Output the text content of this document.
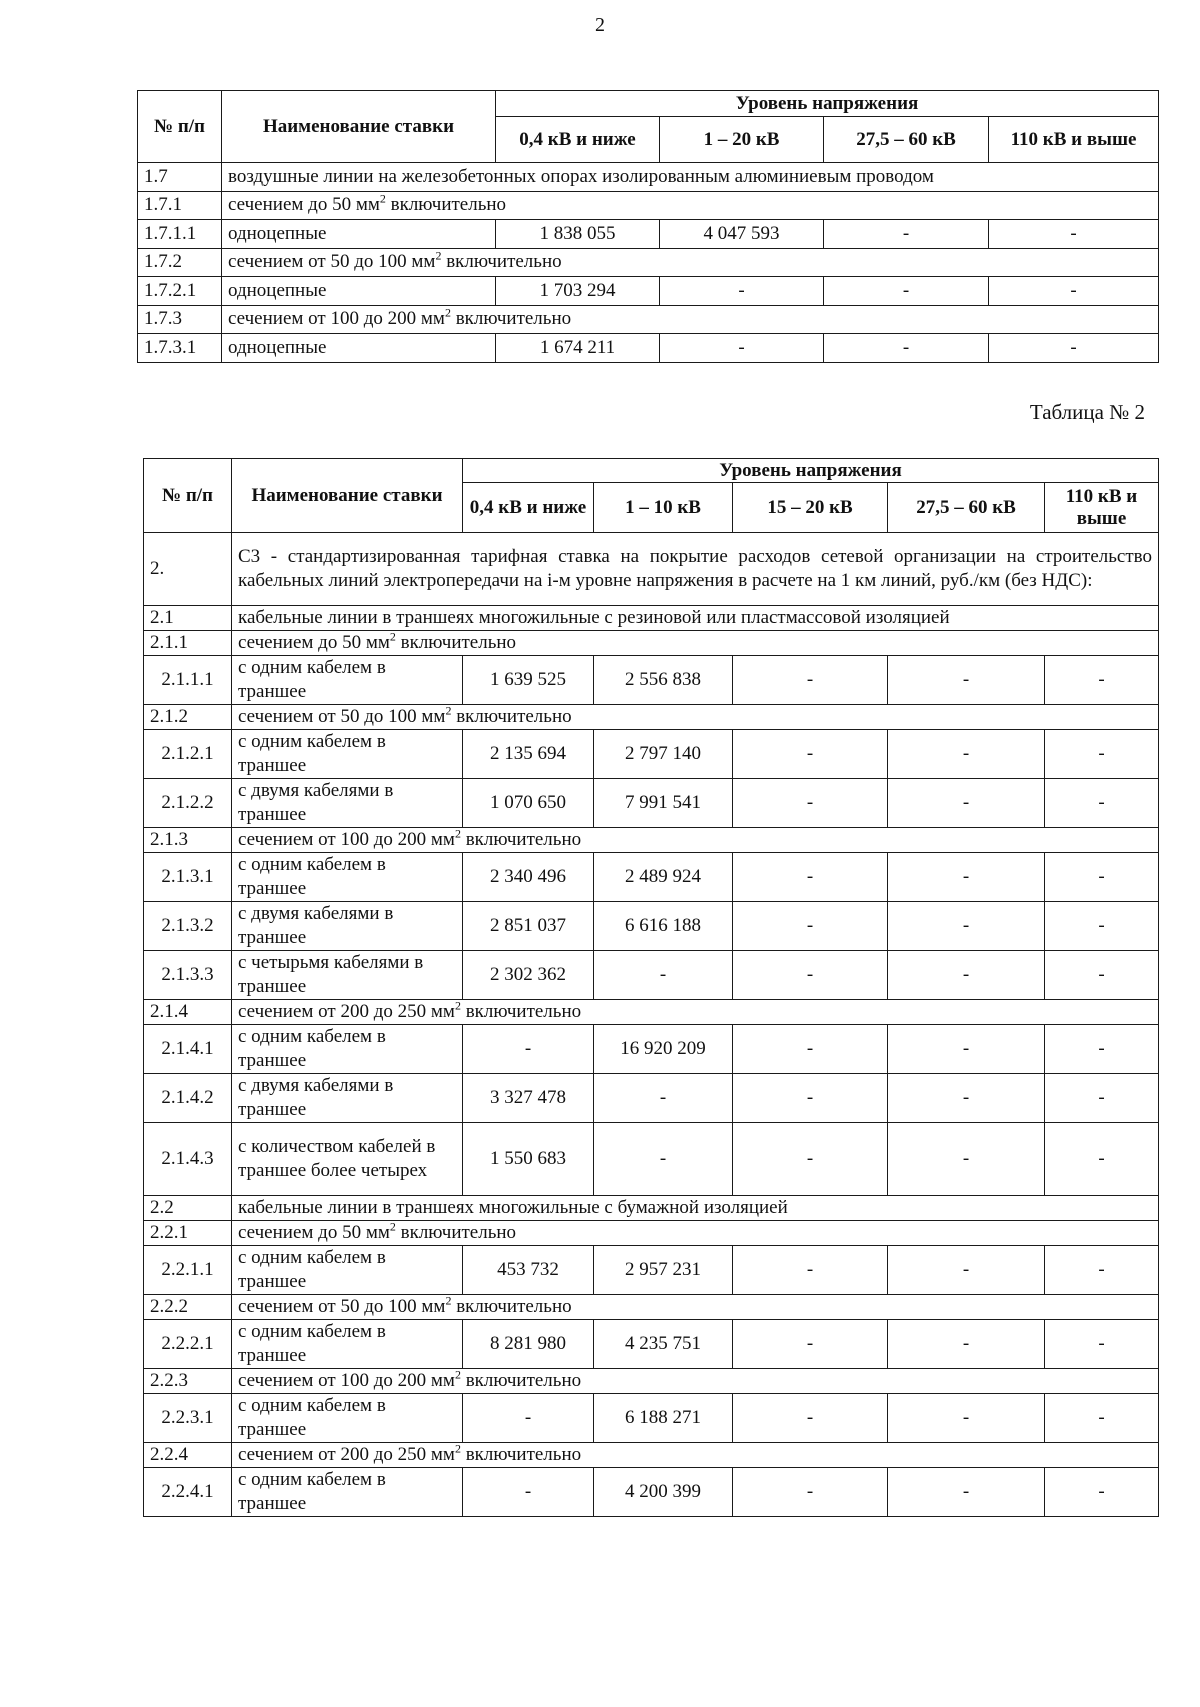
2
№ п/п	Наименование ставки	Уровень напряжения			
		0,4 кВ и ниже	1 – 20 кВ	27,5 – 60 кВ	110 кВ и выше
1.7	воздушные линии на железобетонных опорах изолированным алюминиевым проводом				
1.7.1	сечением до 50 $мм^2$ включительно				
1.7.1.1	одноцепные	1 838 055	4 047 593	-	-
1.7.2	сечением от 50 до 100 $мм^2$ включительно				
1.7.2.1	одноцепные	1 703 294	-	-	-
1.7.3	сечением от 100 до 200 $мм^2$ включительно				
1.7.3.1	одноцепные	1 674 211	-	-	-
Таблица № 2
№ п/п	Наименование ставки	Уровень напряжения				
		0,4 кВ и ниже	1 – 10 кВ	15 – 20 кВ	27,5 – 60 кВ	110 кВ и выше
2.	С3 - стандартизированная тарифная ставка на покрытие расходов сетевой организации на строительство кабельных линий электропередачи на i-м уровне напряжения в расчете на 1 км линий, руб./км (без НДС):					
2.1	кабельные линии в траншеях многожильные с резиновой или пластмассовой изоляцией					
2.1.1	сечением до 50 $мм^2$ включительно					
2.1.1.1	с одним кабелем в траншее	1 639 525	2 556 838	-	-	-
2.1.2	сечением от 50 до 100 $мм^2$ включительно					
2.1.2.1	с одним кабелем в траншее	2 135 694	2 797 140	-	-	-
2.1.2.2	с двумя кабелями в траншее	1 070 650	7 991 541	-	-	-
2.1.3	сечением от 100 до 200 $мм^2$ включительно					
2.1.3.1	с одним кабелем в траншее	2 340 496	2 489 924	-	-	-
2.1.3.2	с двумя кабелями в траншее	2 851 037	6 616 188	-	-	-
2.1.3.3	с четырьмя кабелями в траншее	2 302 362	-	-	-	-
2.1.4	сечением от 200 до 250 $мм^2$ включительно					
2.1.4.1	с одним кабелем в траншее	-	16 920 209	-	-	-
2.1.4.2	с двумя кабелями в траншее	3 327 478	-	-	-	-
2.1.4.3	с количеством кабелей в траншее более четырех	1 550 683	-	-	-	-
2.2	кабельные линии в траншеях многожильные с бумажной изоляцией					
2.2.1	сечением до 50 $мм^2$ включительно					
2.2.1.1	с одним кабелем в траншее	453 732	2 957 231	-	-	-
2.2.2	сечением от 50 до 100 $мм^2$ включительно					
2.2.2.1	с одним кабелем в траншее	8 281 980	4 235 751	-	-	-
2.2.3	сечением от 100 до 200 $мм^2$ включительно					
2.2.3.1	с одним кабелем в траншее	-	6 188 271	-	-	-
2.2.4	сечением от 200 до 250 $мм^2$ включительно					
2.2.4.1	с одним кабелем в траншее	-	4 200 399	-	-	-
